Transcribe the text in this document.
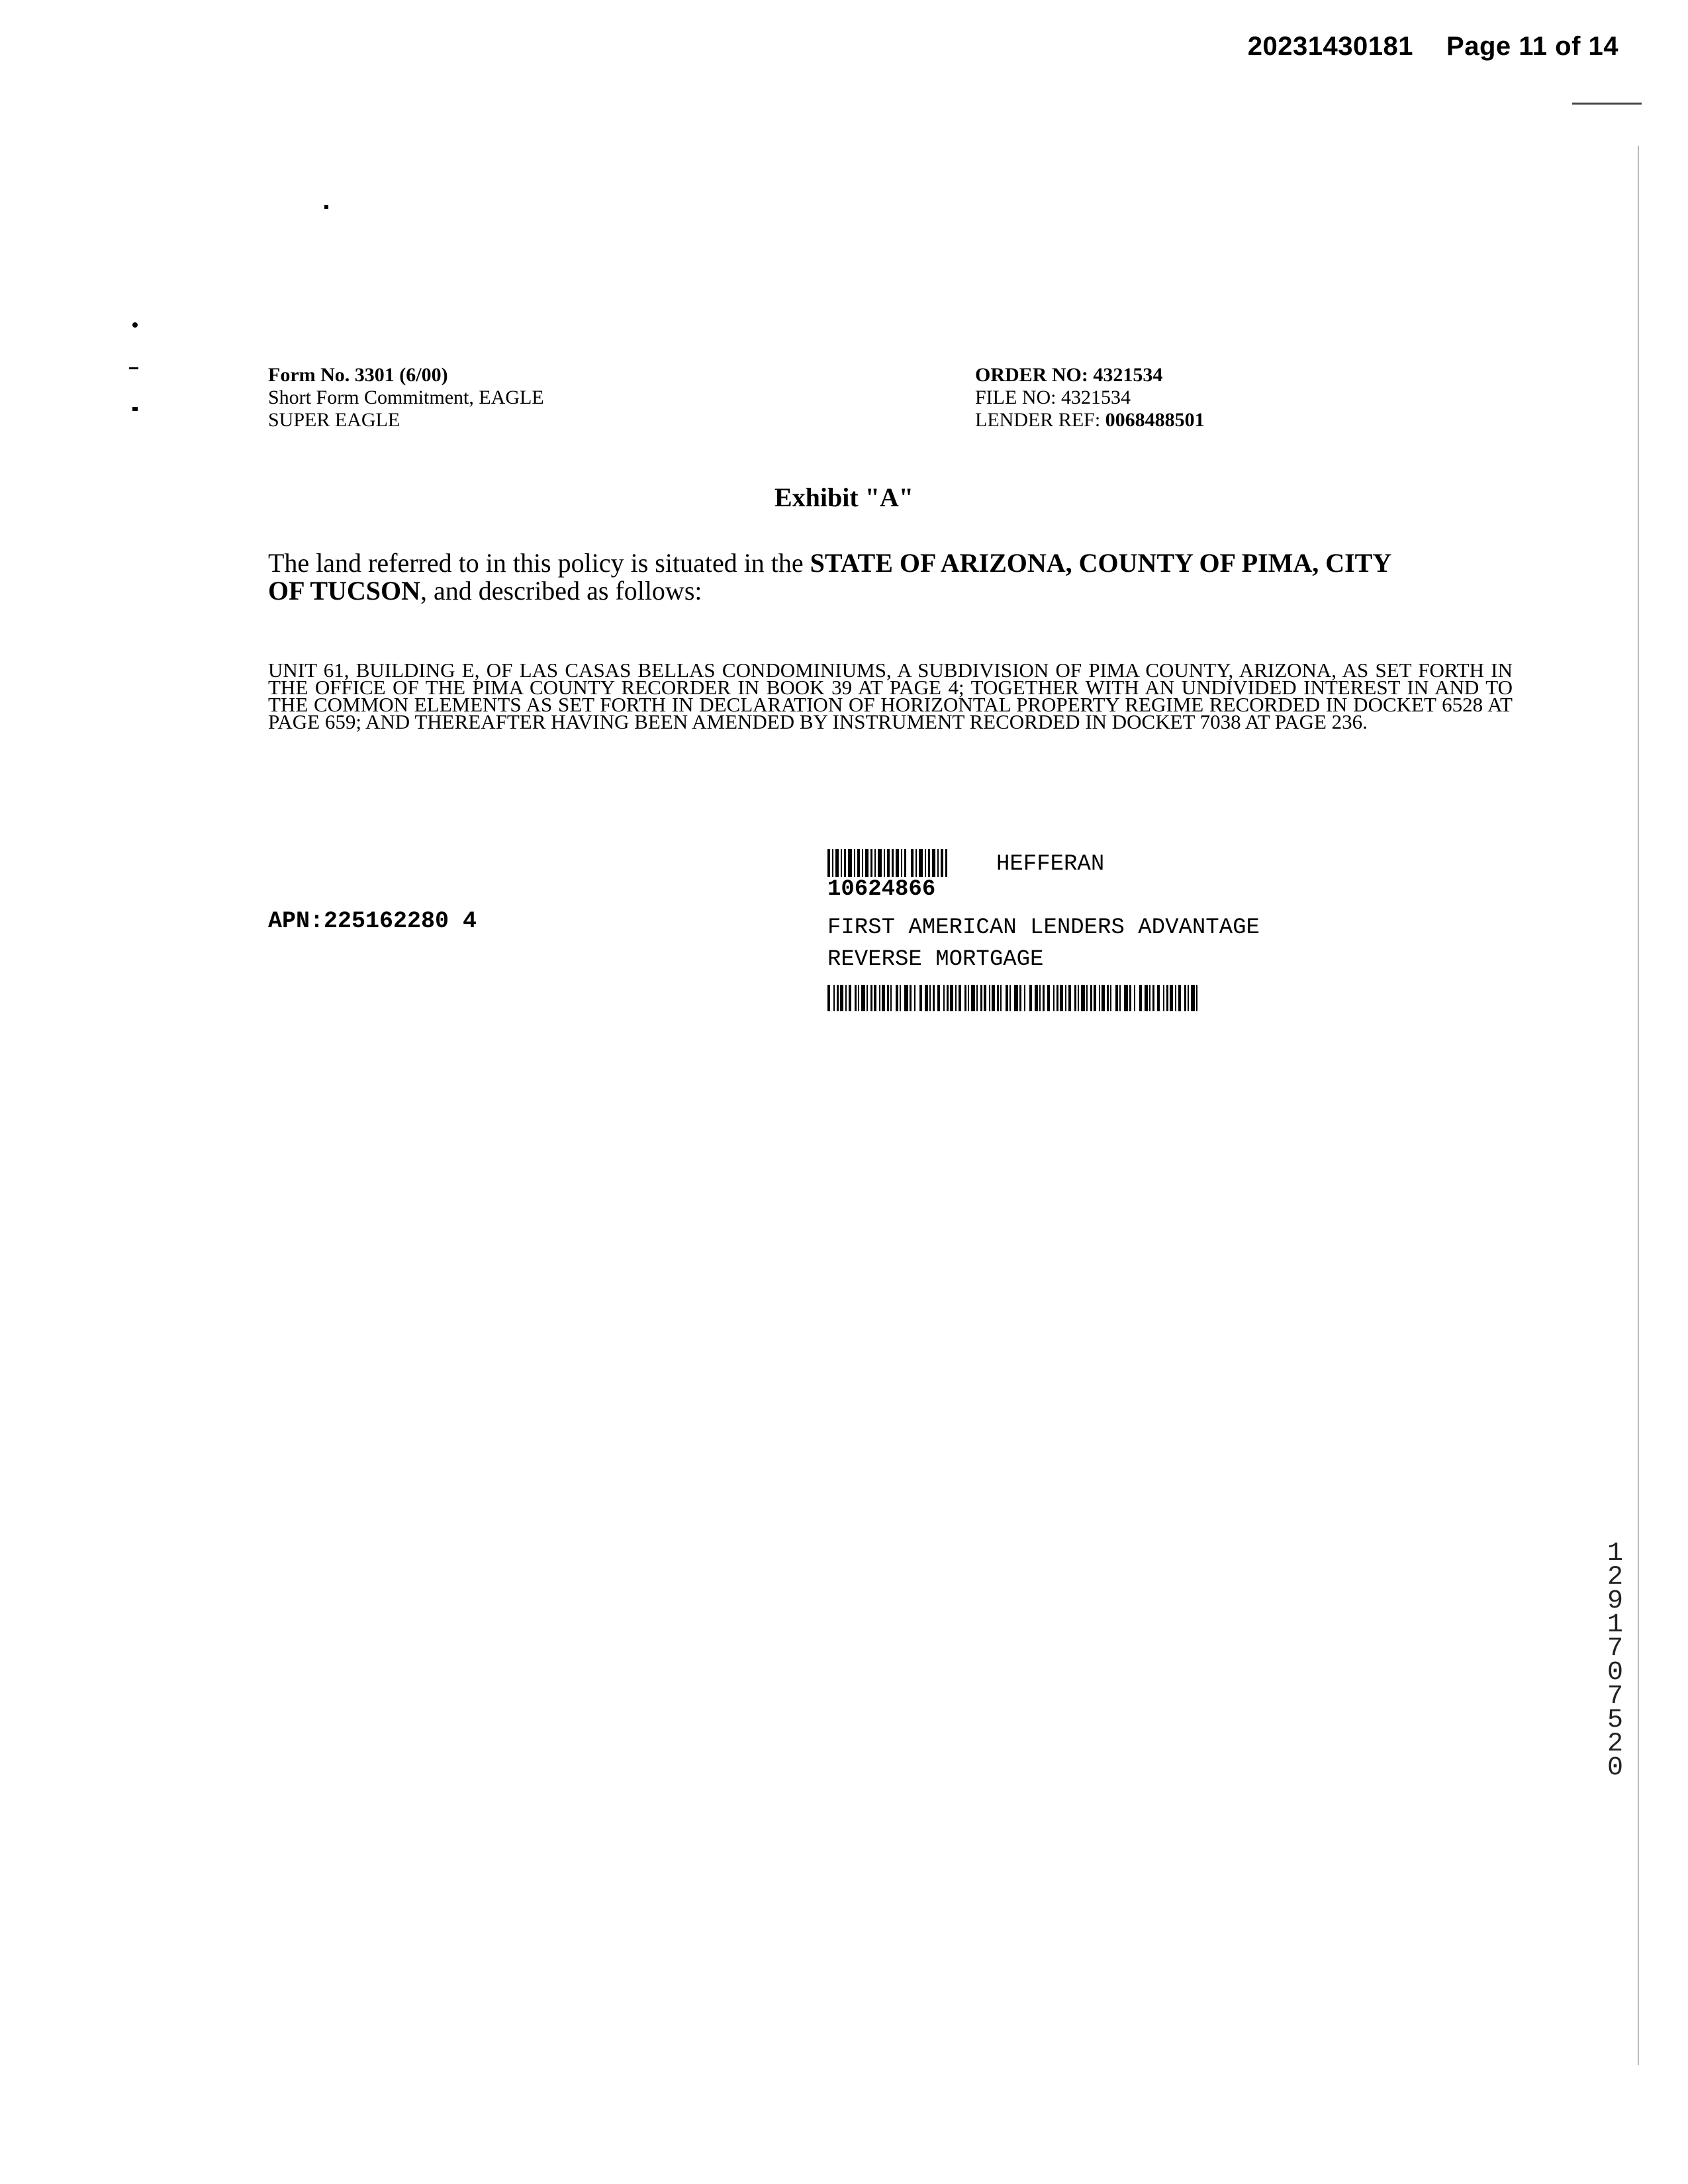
20231430181 Page 11 of 14
Form No. 3301 (6/00)
Short Form Commitment, EAGLE
SUPER EAGLE
ORDER NO: 4321534
FILE NO: 4321534
LENDER REF: 0068488501
Exhibit "A"
The land referred to in this policy is situated in the STATE OF ARIZONA, COUNTY OF PIMA, CITY OF TUCSON, and described as follows:
UNIT 61, BUILDING E, OF LAS CASAS BELLAS CONDOMINIUMS, A SUBDIVISION OF PIMA COUNTY, ARIZONA, AS SET FORTH IN THE OFFICE OF THE PIMA COUNTY RECORDER IN BOOK 39 AT PAGE 4; TOGETHER WITH AN UNDIVIDED INTEREST IN AND TO THE COMMON ELEMENTS AS SET FORTH IN DECLARATION OF HORIZONTAL PROPERTY REGIME RECORDED IN DOCKET 6528 AT PAGE 659; AND THEREAFTER HAVING BEEN AMENDED BY INSTRUMENT RECORDED IN DOCKET 7038 AT PAGE 236.
HEFFERAN
10624866
FIRST AMERICAN LENDERS ADVANTAGE
REVERSE MORTGAGE
APN:225162280 4
12917 07520
